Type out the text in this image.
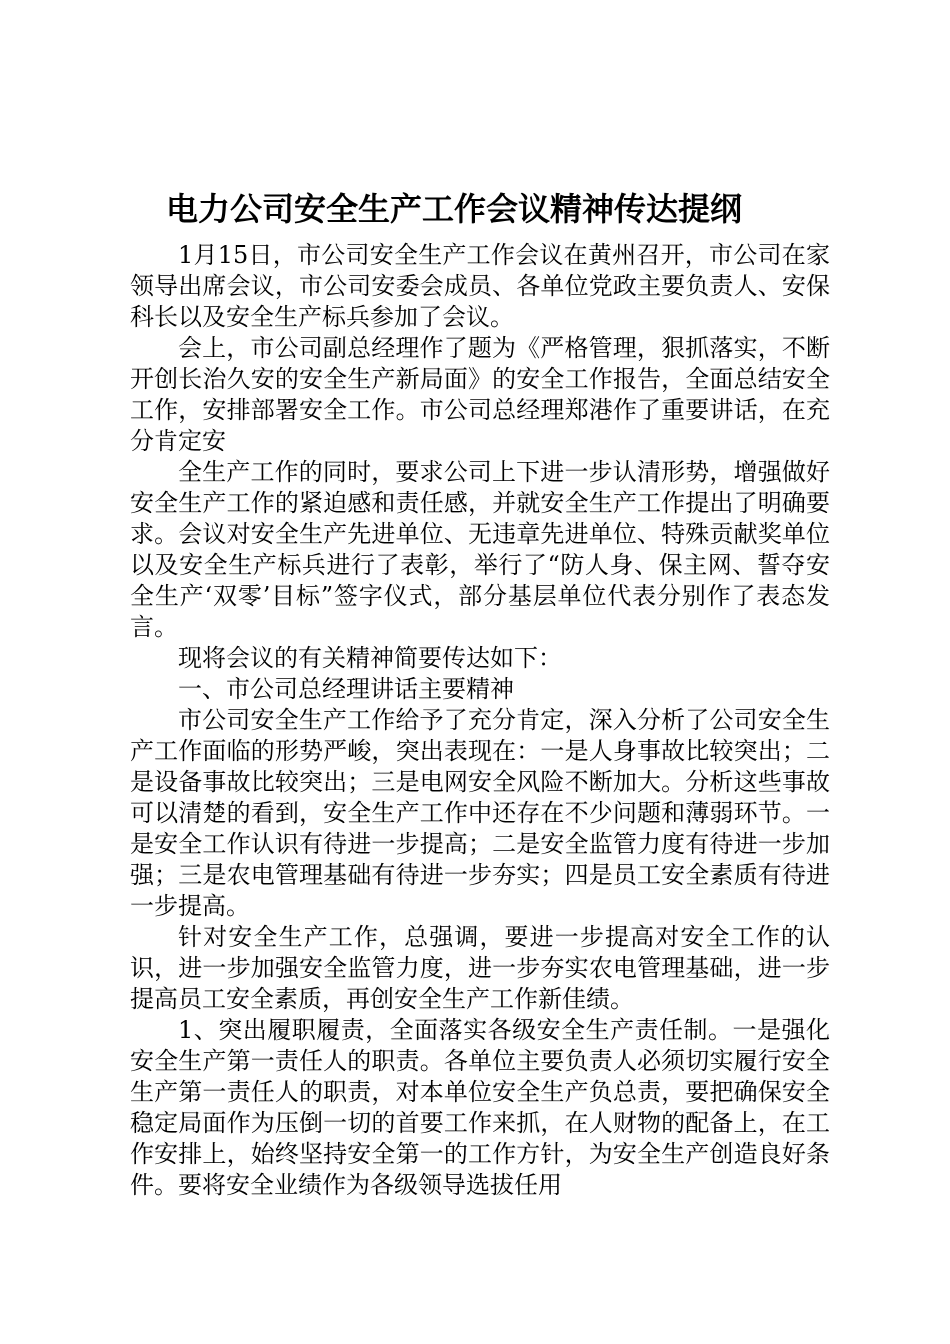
电力公司安全生产工作会议精神传达提纲

1月15日，市公司安全生产工作会议在黄州召开，市公司在家领导出席会议，市公司安委会成员、各单位党政主要负责人、安保科长以及安全生产标兵参加了会议。

会上，市公司副总经理作了题为《严格管理，狠抓落实，不断开创长治久安的安全生产新局面》的安全工作报告，全面总结安全工作，安排部署安全工作。市公司总经理郑港作了重要讲话，在充分肯定安

全生产工作的同时，要求公司上下进一步认清形势，增强做好安全生产工作的紧迫感和责任感，并就安全生产工作提出了明确要求。会议对安全生产先进单位、无违章先进单位、特殊贡献奖单位以及安全生产标兵进行了表彰，举行了“防人身、保主网、誓夺安全生产‘双零’目标”签字仪式，部分基层单位代表分别作了表态发言。

现将会议的有关精神简要传达如下：

一、市公司总经理讲话主要精神

市公司安全生产工作给予了充分肯定，深入分析了公司安全生产工作面临的形势严峻，突出表现在：一是人身事故比较突出；二是设备事故比较突出；三是电网安全风险不断加大。分析这些事故可以清楚的看到，安全生产工作中还存在不少问题和薄弱环节。一是安全工作认识有待进一步提高；二是安全监管力度有待进一步加强；三是农电管理基础有待进一步夯实；四是员工安全素质有待进一步提高。

针对安全生产工作，总强调，要进一步提高对安全工作的认识，进一步加强安全监管力度，进一步夯实农电管理基础，进一步提高员工安全素质，再创安全生产工作新佳绩。

1、突出履职履责，全面落实各级安全生产责任制。一是强化安全生产第一责任人的职责。各单位主要负责人必须切实履行安全生产第一责任人的职责，对本单位安全生产负总责，要把确保安全稳定局面作为压倒一切的首要工作来抓，在人财物的配备上，在工作安排上，始终坚持安全第一的工作方针，为安全生产创造良好条件。要将安全业绩作为各级领导选拔任用
